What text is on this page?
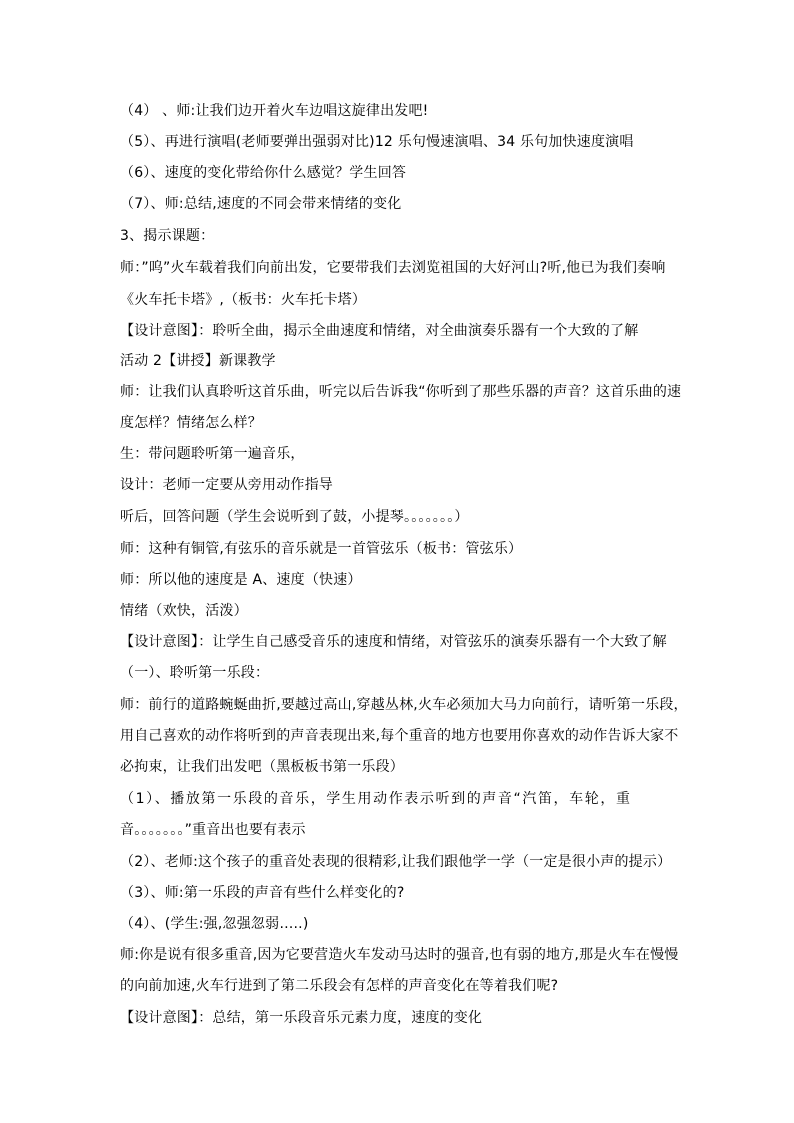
（4） 、师:让我们边开着火车边唱这旋律出发吧!
（5）、再进行演唱(老师要弹出强弱对比)12 乐句慢速演唱、34 乐句加快速度演唱
（6）、速度的变化带给你什么感觉？学生回答
（7）、师:总结,速度的不同会带来情绪的变化
3、揭示课题：
师：”呜”火车载着我们向前出发，它要带我们去浏览祖国的大好河山?听,他已为我们奏响
《火车托卡塔》,（板书：火车托卡塔）
【设计意图】：聆听全曲，揭示全曲速度和情绪，对全曲演奏乐器有一个大致的了解
活动 2【讲授】新课教学
师：让我们认真聆听这首乐曲，听完以后告诉我“你听到了那些乐器的声音？这首乐曲的速
度怎样？情绪怎么样？
生：带问题聆听第一遍音乐，
设计：老师一定要从旁用动作指导
听后，回答问题（学生会说听到了鼓，小提琴。。。。。。。）
师：这种有铜管,有弦乐的音乐就是一首管弦乐（板书：管弦乐）
师：所以他的速度是 A、速度（快速）
情绪（欢快，活泼）
【设计意图】：让学生自己感受音乐的速度和情绪，对管弦乐的演奏乐器有一个大致了解
（一）、聆听第一乐段：
师：前行的道路蜿蜒曲折,要越过高山,穿越丛林,火车必须加大马力向前行，请听第一乐段，
用自己喜欢的动作将听到的声音表现出来,每个重音的地方也要用你喜欢的动作告诉大家不
必拘束，让我们出发吧（黑板板书第一乐段）
（1）、播放第一乐段的音乐，学生用动作表示听到的声音“汽笛，车轮，重
音。。。。。。。”重音出也要有表示
（2）、老师:这个孩子的重音处表现的很精彩,让我们跟他学一学（一定是很小声的提示）
（3）、师:第一乐段的声音有些什么样变化的?
（4）、(学生:强,忽强忽弱…..)
师:你是说有很多重音,因为它要营造火车发动马达时的强音,也有弱的地方,那是火车在慢慢
的向前加速,火车行进到了第二乐段会有怎样的声音变化在等着我们呢?
【设计意图】：总结，第一乐段音乐元素力度，速度的变化
